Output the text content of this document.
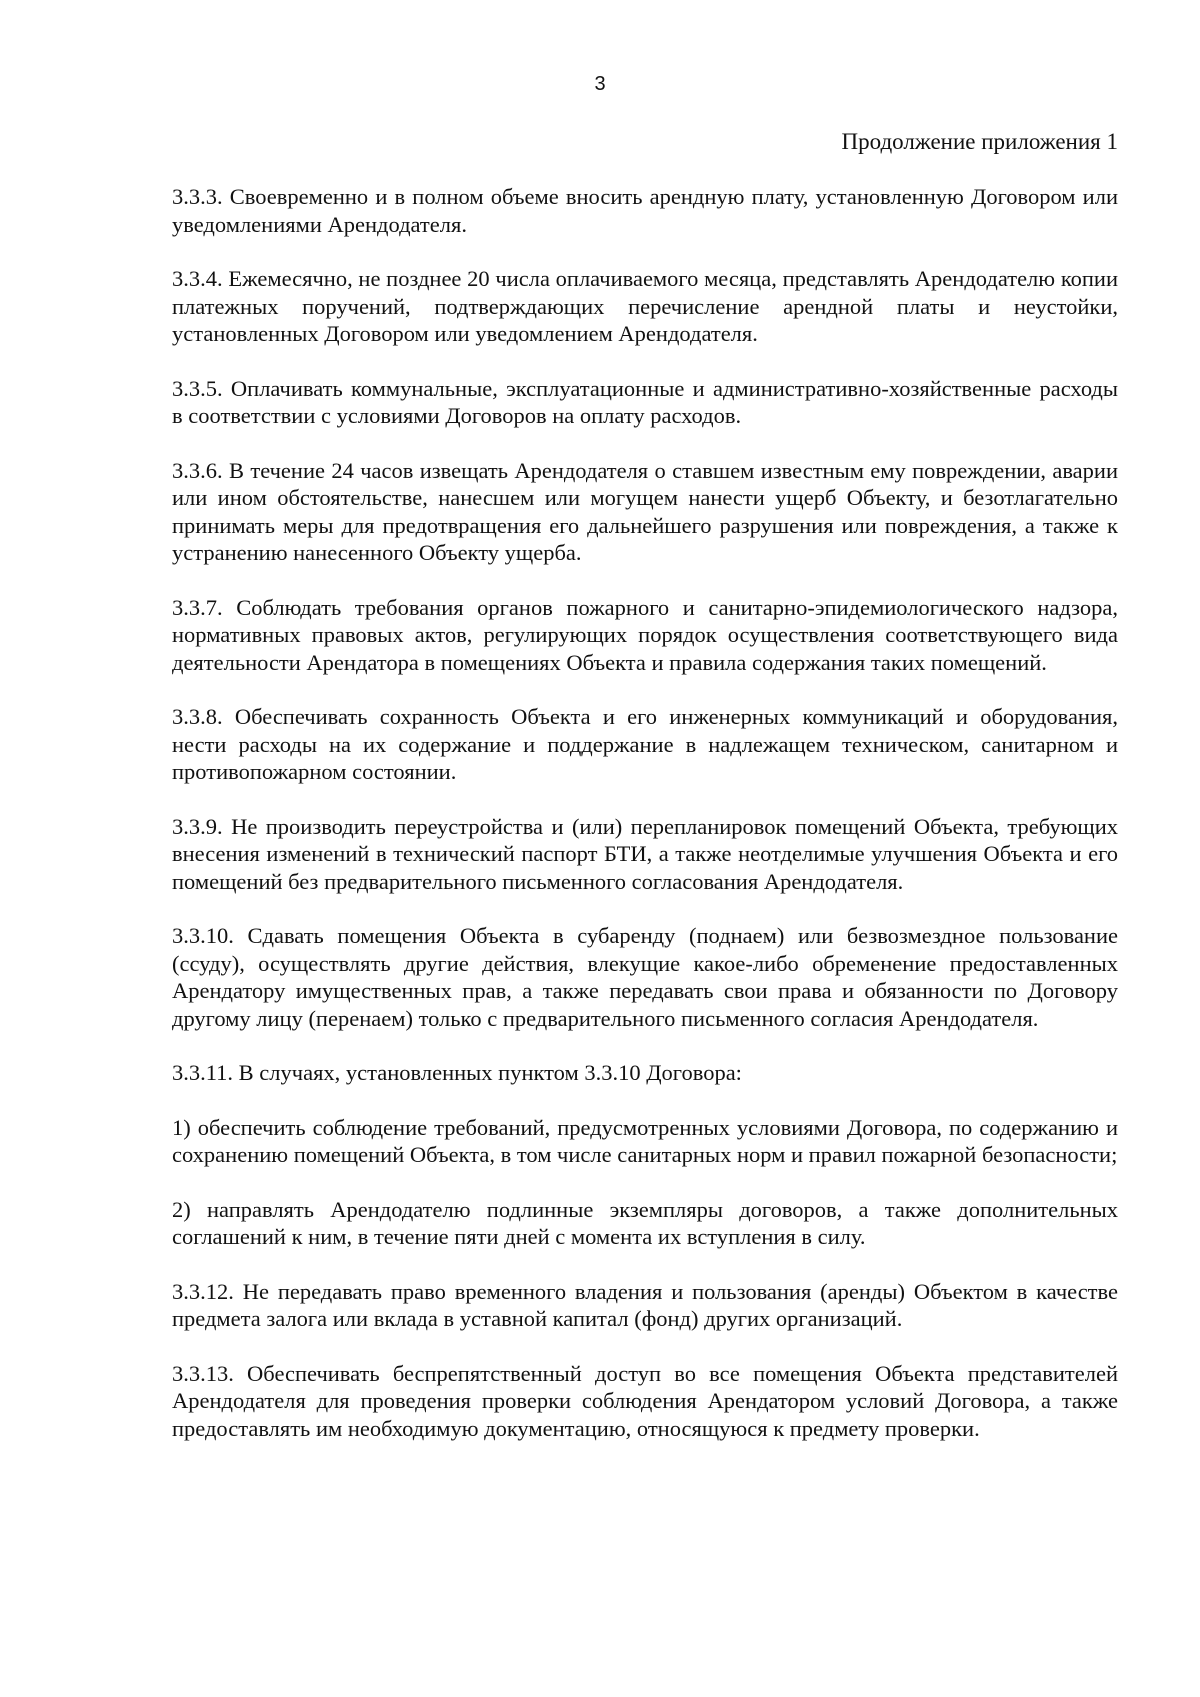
3
Продолжение приложения 1

3.3.3. Своевременно и в полном объеме вносить арендную плату, установленную Договором или уведомлениями Арендодателя.

3.3.4. Ежемесячно, не позднее 20 числа оплачиваемого месяца, представлять Арендодателю копии платежных поручений, подтверждающих перечисление арендной платы и неустойки, установленных Договором или уведомлением Арендодателя.

3.3.5. Оплачивать коммунальные, эксплуатационные и административно-хозяйственные расходы в соответствии с условиями Договоров на оплату расходов.

3.3.6. В течение 24 часов извещать Арендодателя о ставшем известным ему повреждении, аварии или ином обстоятельстве, нанесшем или могущем нанести ущерб Объекту, и безотлагательно принимать меры для предотвращения его дальнейшего разрушения или повреждения, а также к устранению нанесенного Объекту ущерба.

3.3.7. Соблюдать требования органов пожарного и санитарно-эпидемиологического надзора, нормативных правовых актов, регулирующих порядок осуществления соответствующего вида деятельности Арендатора в помещениях Объекта и правила содержания таких помещений.

3.3.8. Обеспечивать сохранность Объекта и его инженерных коммуникаций и оборудования, нести расходы на их содержание и поддержание в надлежащем техническом, санитарном и противопожарном состоянии.

3.3.9. Не производить переустройства и (или) перепланировок помещений Объекта, требующих внесения изменений в технический паспорт БТИ, а также неотделимые улучшения Объекта и его помещений без предварительного письменного согласования Арендодателя.

3.3.10. Сдавать помещения Объекта в субаренду (поднаем) или безвозмездное пользование (ссуду), осуществлять другие действия, влекущие какое-либо обременение предоставленных Арендатору имущественных прав, а также передавать свои права и обязанности по Договору другому лицу (перенаем) только с предварительного письменного согласия Арендодателя.

3.3.11. В случаях, установленных пунктом 3.3.10 Договора:

1) обеспечить соблюдение требований, предусмотренных условиями Договора, по содержанию и сохранению помещений Объекта, в том числе санитарных норм и правил пожарной безопасности;

2) направлять Арендодателю подлинные экземпляры договоров, а также дополнительных соглашений к ним, в течение пяти дней с момента их вступления в силу.

3.3.12. Не передавать право временного владения и пользования (аренды) Объектом в качестве предмета залога или вклада в уставной капитал (фонд) других организаций.

3.3.13. Обеспечивать беспрепятственный доступ во все помещения Объекта представителей Арендодателя для проведения проверки соблюдения Арендатором условий Договора, а также предоставлять им необходимую документацию, относящуюся к предмету проверки.
